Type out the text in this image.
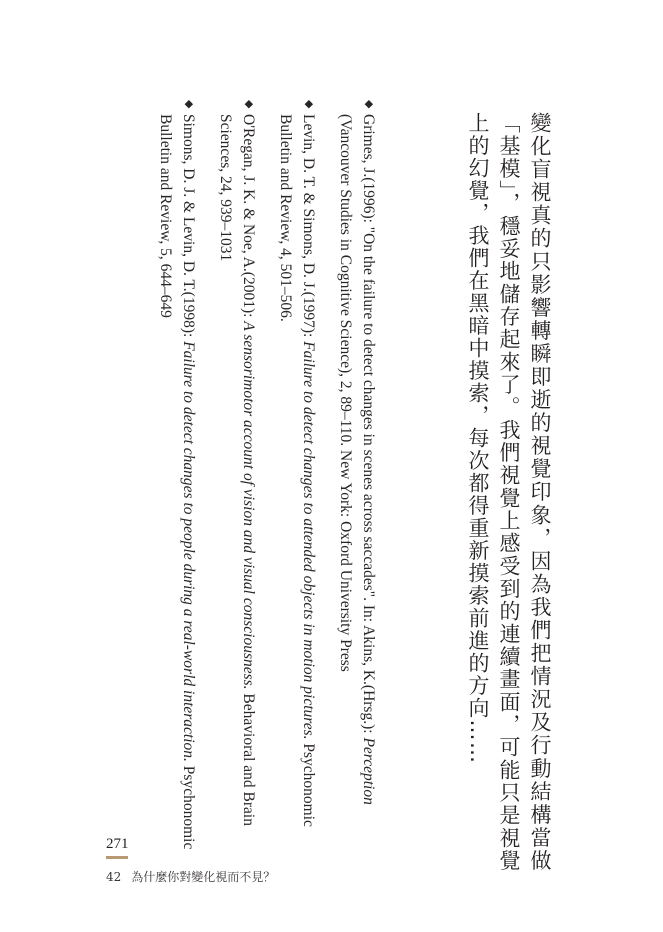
變化盲視真的只影響轉瞬即逝的視覺印象，因為我們把情況及行動結構當做「基模」，穩妥地儲存起來了。我們視覺上感受到的連續畫面，可能只是視覺上的幻覺，我們在黑暗中摸索，每次都得重新摸索前進的方向……
◆
Grimes, J.(1996): "On the failure to detect changes in scenes across saccades". In: Akins, K.(Hrsg.): Perception (Vancouver Studies in Cognitive Science), 2, 89–110. New York: Oxford University Press
◆
Levin, D. T. & Simons, D. J.(1997): Failure to detect changes to attended objects in motion pictures. Psychonomic Bulletin and Review, 4, 501–506.
◆
O'Regan, J. K. & Noe, A.(2001): A sensorimotor account of vision and visual consciousness. Behavioral and Brain Sciences, 24, 939–1031
◆
Simons, D. J. & Levin, D. T.(1998): Failure to detect changes to people during a real-world interaction. Psychonomic Bulletin and Review, 5, 644–649
271
42 為什麼你對變化視而不見？
